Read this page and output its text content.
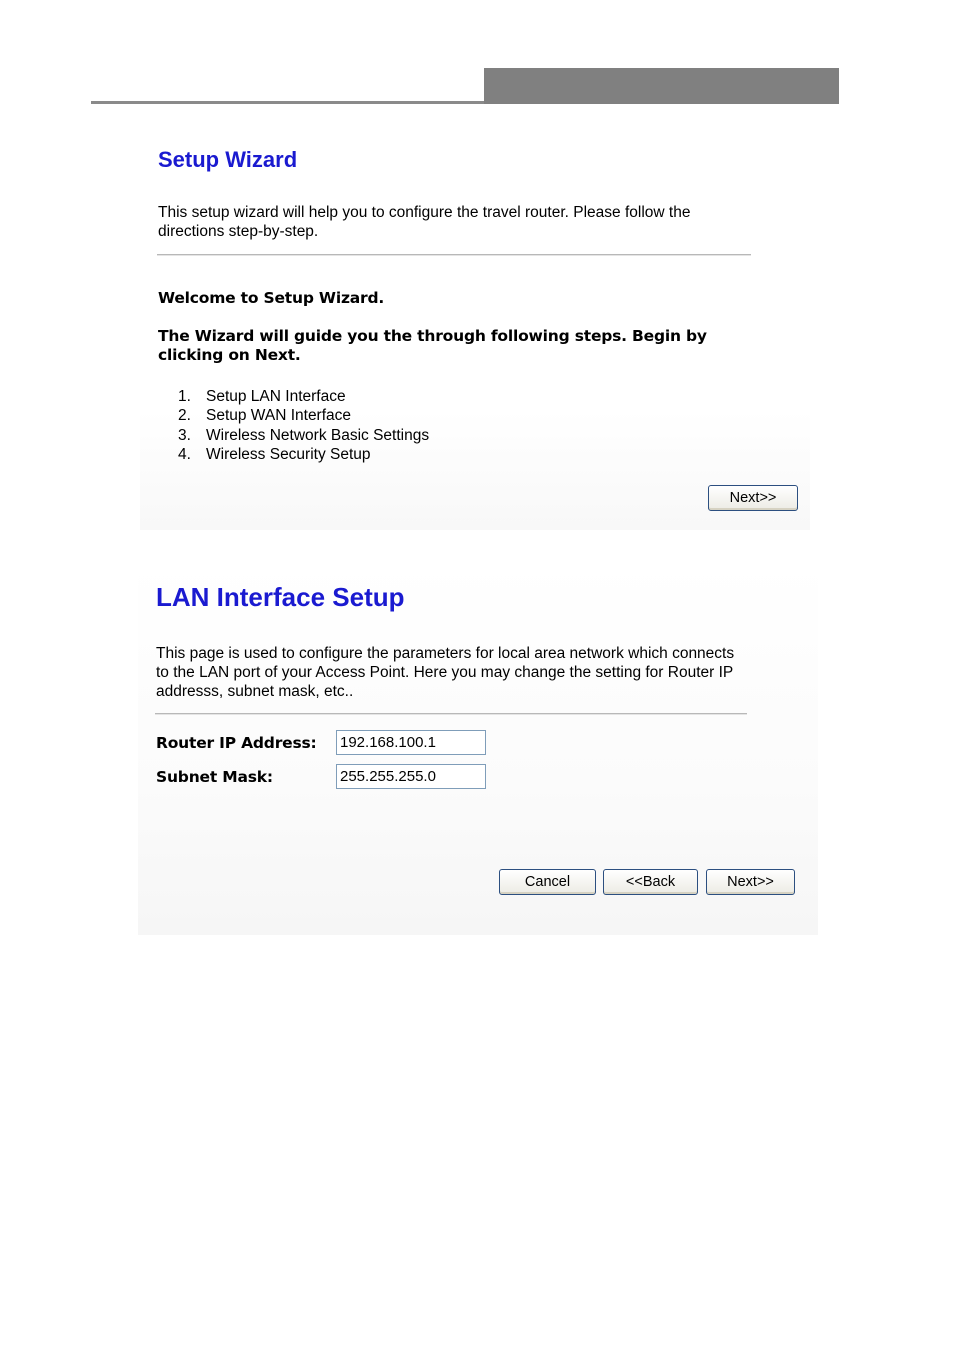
Setup Wizard

This setup wizard will help you to configure the travel router. Please follow the directions step-by-step.

Welcome to Setup Wizard.

The Wizard will guide you the through following steps. Begin by clicking on Next.

1. Setup LAN Interface
2. Setup WAN Interface
3. Wireless Network Basic Settings
4. Wireless Security Setup
Next>>
LAN Interface Setup

This page is used to configure the parameters for local area network which connects to the LAN port of your Access Point. Here you may change the setting for Router IP addresss, subnet mask, etc..

Router IP Address:

192.168.100.1

Subnet Mask:

255.255.255.0
Cancel	<<Back	Next>>
